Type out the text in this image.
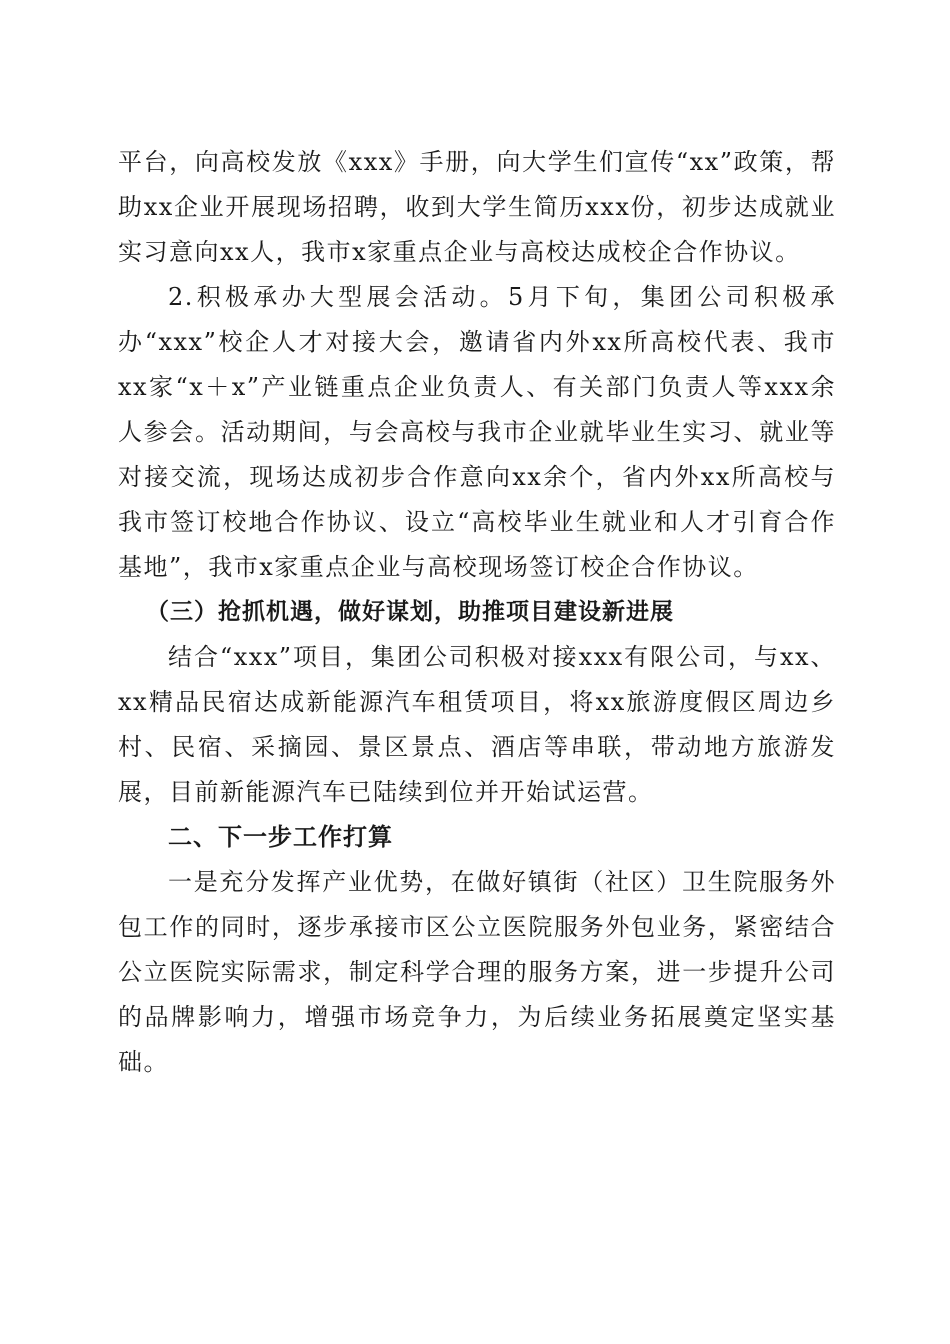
平台，向高校发放《xxx》手册，向大学生们宣传“xx”政策，帮助xx企业开展现场招聘，收到大学生简历xxx份，初步达成就业实习意向xx人，我市x家重点企业与高校达成校企合作协议。

2.积极承办大型展会活动。5月下旬，集团公司积极承办“xxx”校企人才对接大会，邀请省内外xx所高校代表、我市xx家“x＋x”产业链重点企业负责人、有关部门负责人等xxx余人参会。活动期间，与会高校与我市企业就毕业生实习、就业等对接交流，现场达成初步合作意向xx余个，省内外xx所高校与我市签订校地合作协议、设立“高校毕业生就业和人才引育合作基地”，我市x家重点企业与高校现场签订校企合作协议。

（三）抢抓机遇，做好谋划，助推项目建设新进展

结合“xxx”项目，集团公司积极对接xxx有限公司，与xx、xx精品民宿达成新能源汽车租赁项目，将xx旅游度假区周边乡村、民宿、采摘园、景区景点、酒店等串联，带动地方旅游发展，目前新能源汽车已陆续到位并开始试运营。

二、下一步工作打算

一是充分发挥产业优势，在做好镇街（社区）卫生院服务外包工作的同时，逐步承接市区公立医院服务外包业务，紧密结合公立医院实际需求，制定科学合理的服务方案，进一步提升公司的品牌影响力，增强市场竞争力，为后续业务拓展奠定坚实基础。
